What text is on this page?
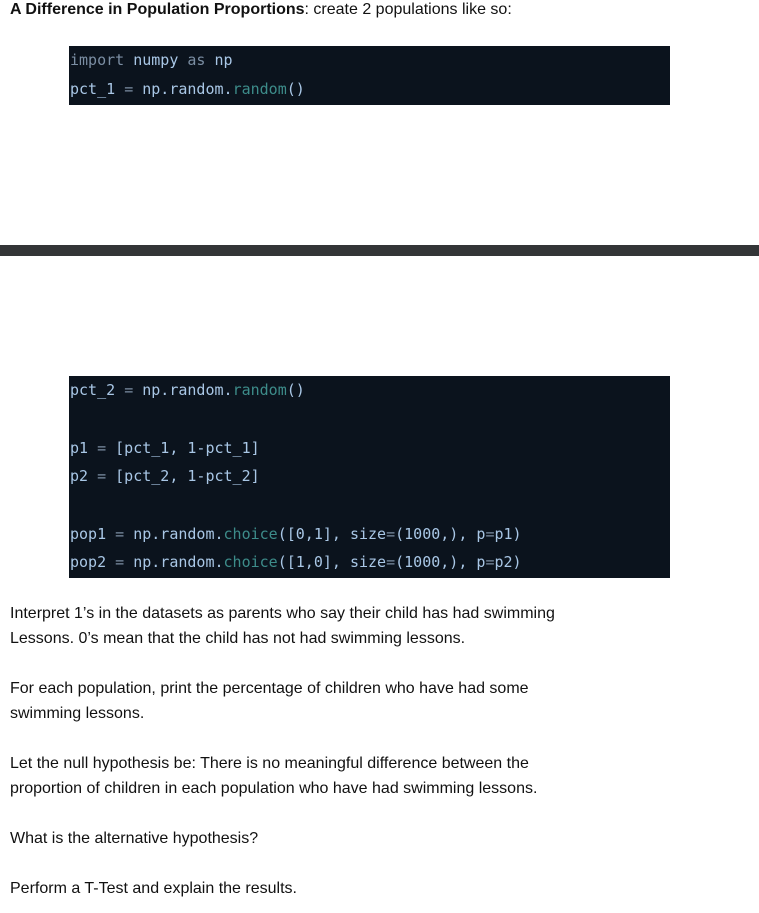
A Difference in Population Proportions: create 2 populations like so:
import numpy as np
pct_1 = np.random.random()
pct_2 = np.random.random()
p1 = [pct_1, 1-pct_1]
p2 = [pct_2, 1-pct_2]
pop1 = np.random.choice([0,1], size=(1000,), p=p1)
pop2 = np.random.choice([1,0], size=(1000,), p=p2)
Interpret 1’s in the datasets as parents who say their child has had swimming
Lessons. 0’s mean that the child has not had swimming lessons.
For each population, print the percentage of children who have had some
swimming lessons.
Let the null hypothesis be: There is no meaningful difference between the
proportion of children in each population who have had swimming lessons.
What is the alternative hypothesis?
Perform a T-Test and explain the results.
